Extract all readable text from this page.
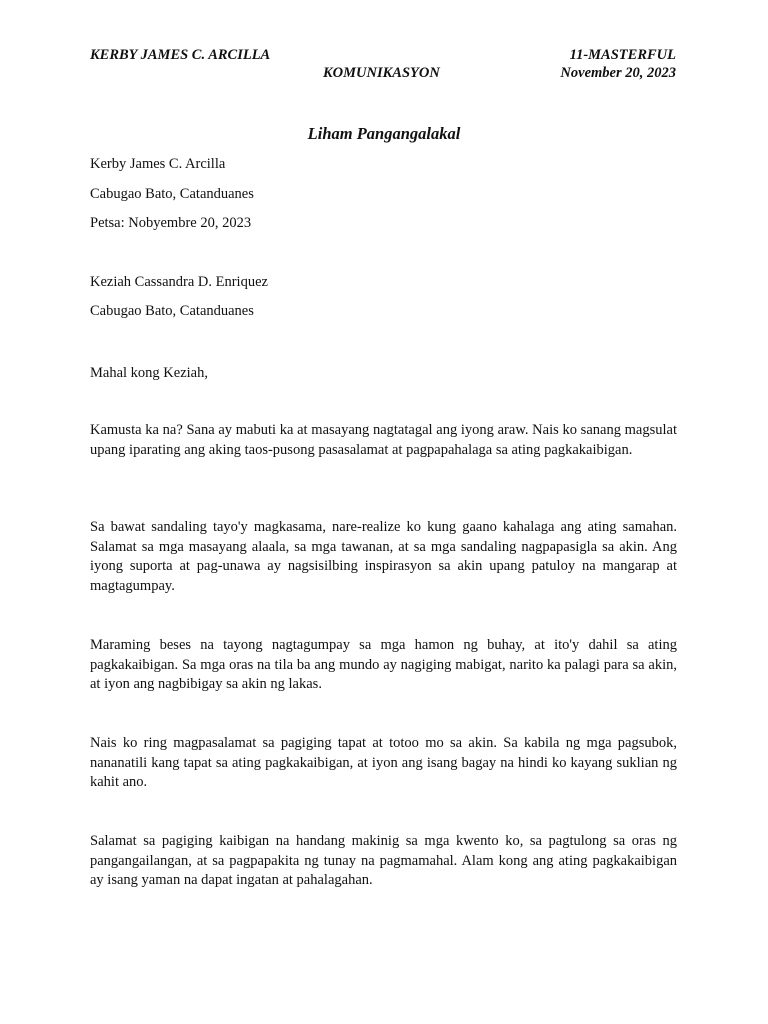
KERBY JAMES C. ARCILLA
KOMUNIKASYON
11-MASTERFUL
November 20, 2023
Liham Pangangalakal
Kerby James C. Arcilla
Cabugao Bato, Catanduanes
Petsa: Nobyembre 20, 2023
Keziah Cassandra D. Enriquez
Cabugao Bato, Catanduanes
Mahal kong Keziah,
Kamusta ka na? Sana ay mabuti ka at masayang nagtatagal ang iyong araw. Nais ko sanang magsulat upang iparating ang aking taos-pusong pasasalamat at pagpapahalaga sa ating pagkakaibigan.
Sa bawat sandaling tayo'y magkasama, nare-realize ko kung gaano kahalaga ang ating samahan. Salamat sa mga masayang alaala, sa mga tawanan, at sa mga sandaling nagpapasigla sa akin. Ang iyong suporta at pag-unawa ay nagsisilbing inspirasyon sa akin upang patuloy na mangarap at magtagumpay.
Maraming beses na tayong nagtagumpay sa mga hamon ng buhay, at ito'y dahil sa ating pagkakaibigan. Sa mga oras na tila ba ang mundo ay nagiging mabigat, narito ka palagi para sa akin, at iyon ang nagbibigay sa akin ng lakas.
Nais ko ring magpasalamat sa pagiging tapat at totoo mo sa akin. Sa kabila ng mga pagsubok, nananatili kang tapat sa ating pagkakaibigan, at iyon ang isang bagay na hindi ko kayang suklian ng kahit ano.
Salamat sa pagiging kaibigan na handang makinig sa mga kwento ko, sa pagtulong sa oras ng pangangailangan, at sa pagpapakita ng tunay na pagmamahal. Alam kong ang ating pagkakaibigan ay isang yaman na dapat ingatan at pahalagahan.
